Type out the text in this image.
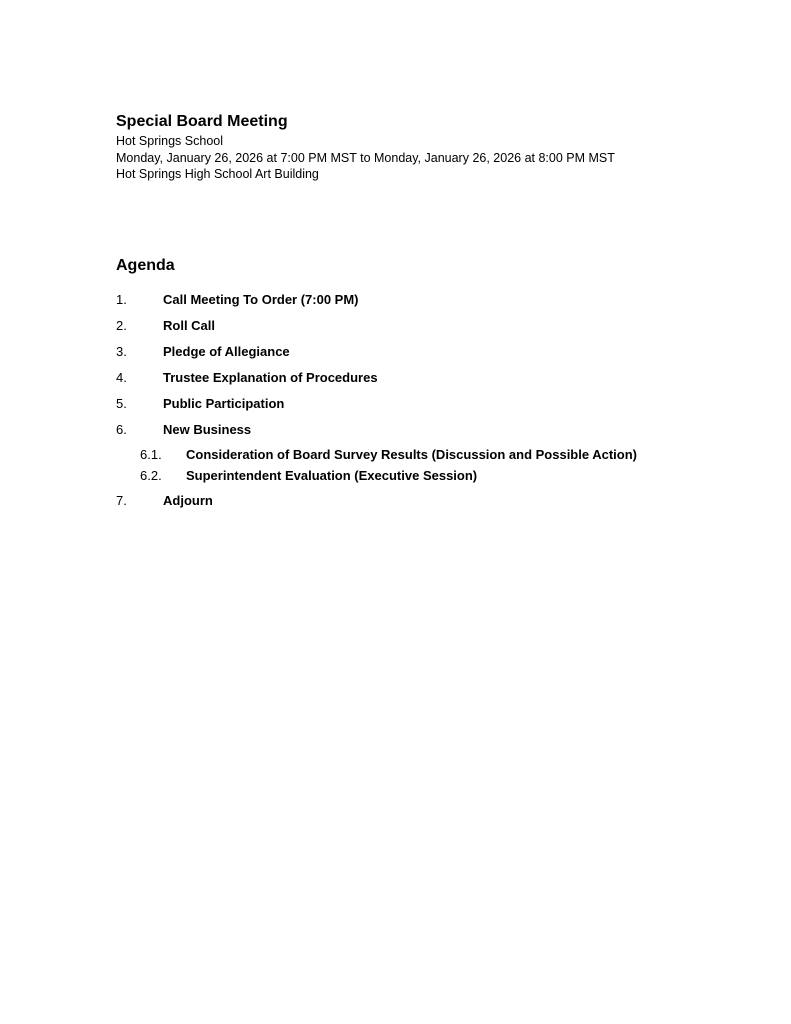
Special Board Meeting

Hot Springs School

Monday, January 26, 2026 at 7:00 PM MST to Monday, January 26, 2026 at 8:00 PM MST

Hot Springs High School Art Building

Agenda
1.	Call Meeting To Order (7:00 PM)
2.	Roll Call
3.	Pledge of Allegiance
4.	Trustee Explanation of Procedures
5.	Public Participation
6.	New Business
6.1. Consideration of Board Survey Results (Discussion and Possible Action)
6.2. Superintendent Evaluation (Executive Session)
7.	Adjourn
